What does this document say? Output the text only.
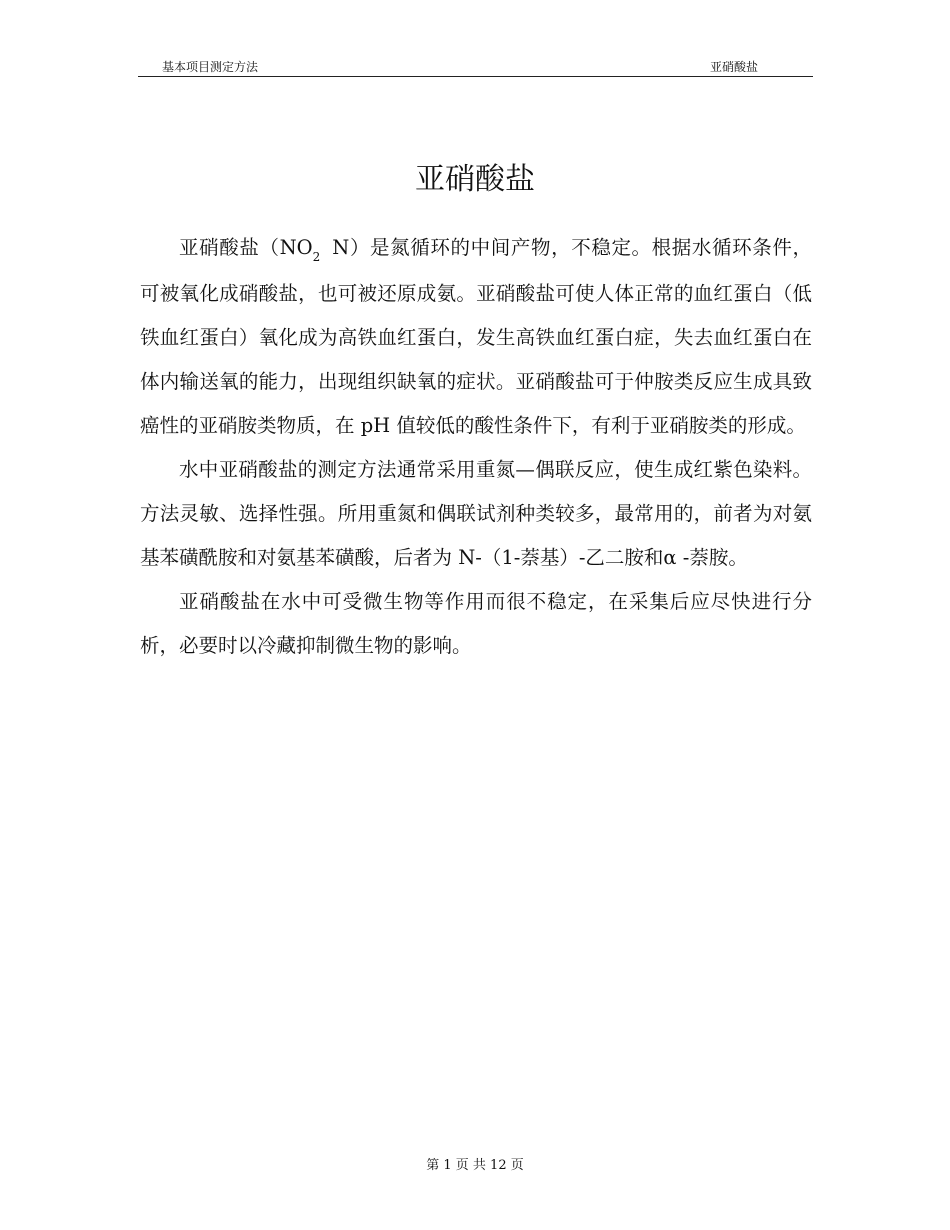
基本项目测定方法	亚硝酸盐
亚硝酸盐

亚硝酸盐（$NO_2$ N）是氮循环的中间产物，不稳定。根据水循环条件，可被氧化成硝酸盐，也可被还原成氨。亚硝酸盐可使人体正常的血红蛋白（低铁血红蛋白）氧化成为高铁血红蛋白，发生高铁血红蛋白症，失去血红蛋白在体内输送氧的能力，出现组织缺氧的症状。亚硝酸盐可于仲胺类反应生成具致癌性的亚硝胺类物质，在 pH 值较低的酸性条件下，有利于亚硝胺类的形成。

水中亚硝酸盐的测定方法通常采用重氮—偶联反应，使生成红紫色染料。方法灵敏、选择性强。所用重氮和偶联试剂种类较多，最常用的，前者为对氨基苯磺酰胺和对氨基苯磺酸，后者为 N-（1-萘基）-乙二胺和α -萘胺。

亚硝酸盐在水中可受微生物等作用而很不稳定，在采集后应尽快进行分析，必要时以冷藏抑制微生物的影响。

第 1 页 共 12 页
